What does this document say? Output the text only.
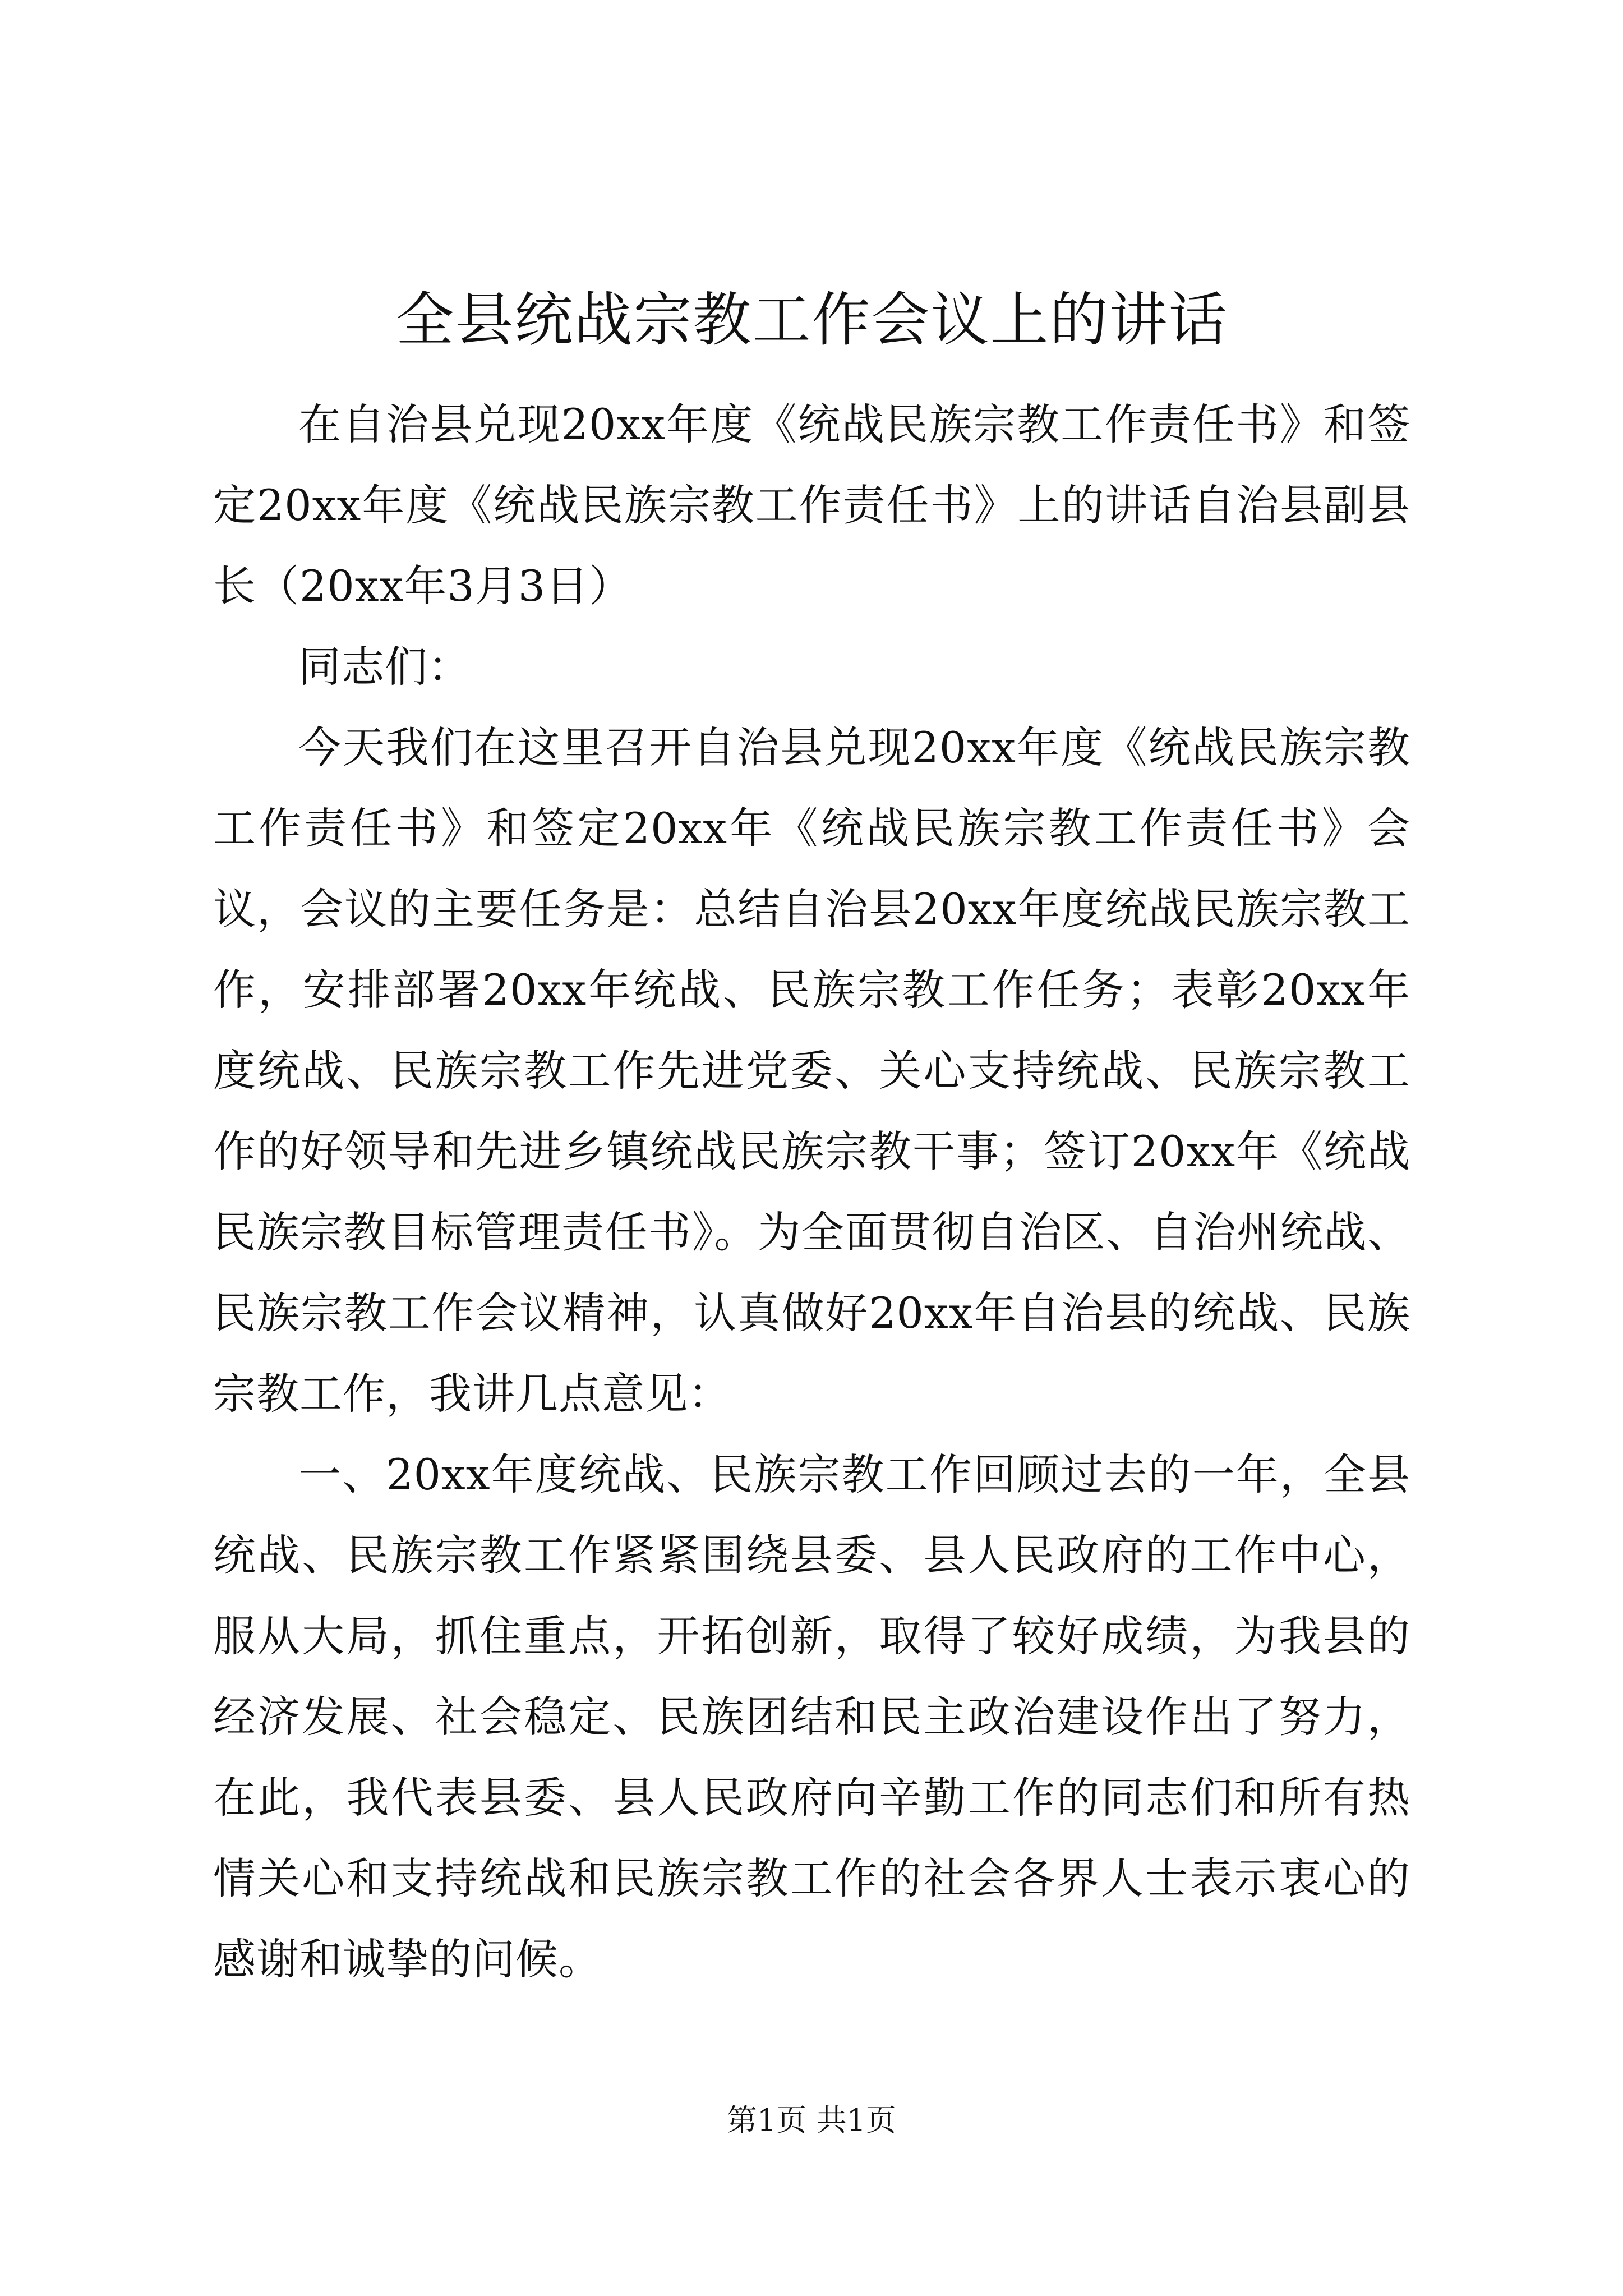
全县统战宗教工作会议上的讲话

在自治县兑现20xx年度《统战民族宗教工作责任书》和签定20xx年度《统战民族宗教工作责任书》上的讲话自治县副县长（20xx年3月3日）

同志们：

今天我们在这里召开自治县兑现20xx年度《统战民族宗教工作责任书》和签定20xx年《统战民族宗教工作责任书》会议，会议的主要任务是：总结自治县20xx年度统战民族宗教工作，安排部署20xx年统战、民族宗教工作任务；表彰20xx年度统战、民族宗教工作先进党委、关心支持统战、民族宗教工作的好领导和先进乡镇统战民族宗教干事；签订20xx年《统战民族宗教目标管理责任书》。为全面贯彻自治区、自治州统战、民族宗教工作会议精神，认真做好20xx年自治县的统战、民族宗教工作，我讲几点意见：

一、20xx年度统战、民族宗教工作回顾过去的一年，全县统战、民族宗教工作紧紧围绕县委、县人民政府的工作中心，服从大局，抓住重点，开拓创新，取得了较好成绩，为我县的经济发展、社会稳定、民族团结和民主政治建设作出了努力，在此，我代表县委、县人民政府向辛勤工作的同志们和所有热情关心和支持统战和民族宗教工作的社会各界人士表示衷心的感谢和诚挚的问候。

第1页 共1页
